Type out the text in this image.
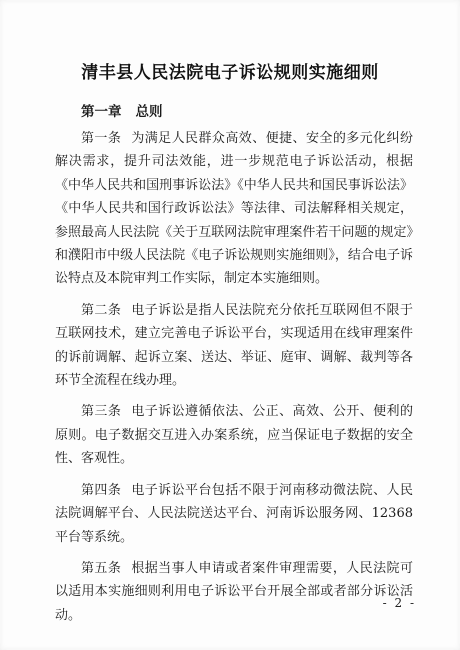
清丰县人民法院电子诉讼规则实施细则
第一章 总则

第一条 为满足人民群众高效、便捷、安全的多元化纠纷解决需求，提升司法效能，进一步规范电子诉讼活动，根据《中华人民共和国刑事诉讼法》《中华人民共和国民事诉讼法》《中华人民共和国行政诉讼法》等法律、司法解释相关规定，参照最高人民法院《关于互联网法院审理案件若干问题的规定》和濮阳市中级人民法院《电子诉讼规则实施细则》，结合电子诉讼特点及本院审判工作实际，制定本实施细则。

第二条 电子诉讼是指人民法院充分依托互联网但不限于互联网技术，建立完善电子诉讼平台，实现适用在线审理案件的诉前调解、起诉立案、送达、举证、庭审、调解、裁判等各环节全流程在线办理。

第三条 电子诉讼遵循依法、公正、高效、公开、便利的原则。电子数据交互进入办案系统，应当保证电子数据的安全性、客观性。

第四条 电子诉讼平台包括不限于河南移动微法院、人民法院调解平台、人民法院送达平台、河南诉讼服务网、12368平台等系统。

第五条 根据当事人申请或者案件审理需要，人民法院可以适用本实施细则利用电子诉讼平台开展全部或者部分诉讼活动。

- 2 -
